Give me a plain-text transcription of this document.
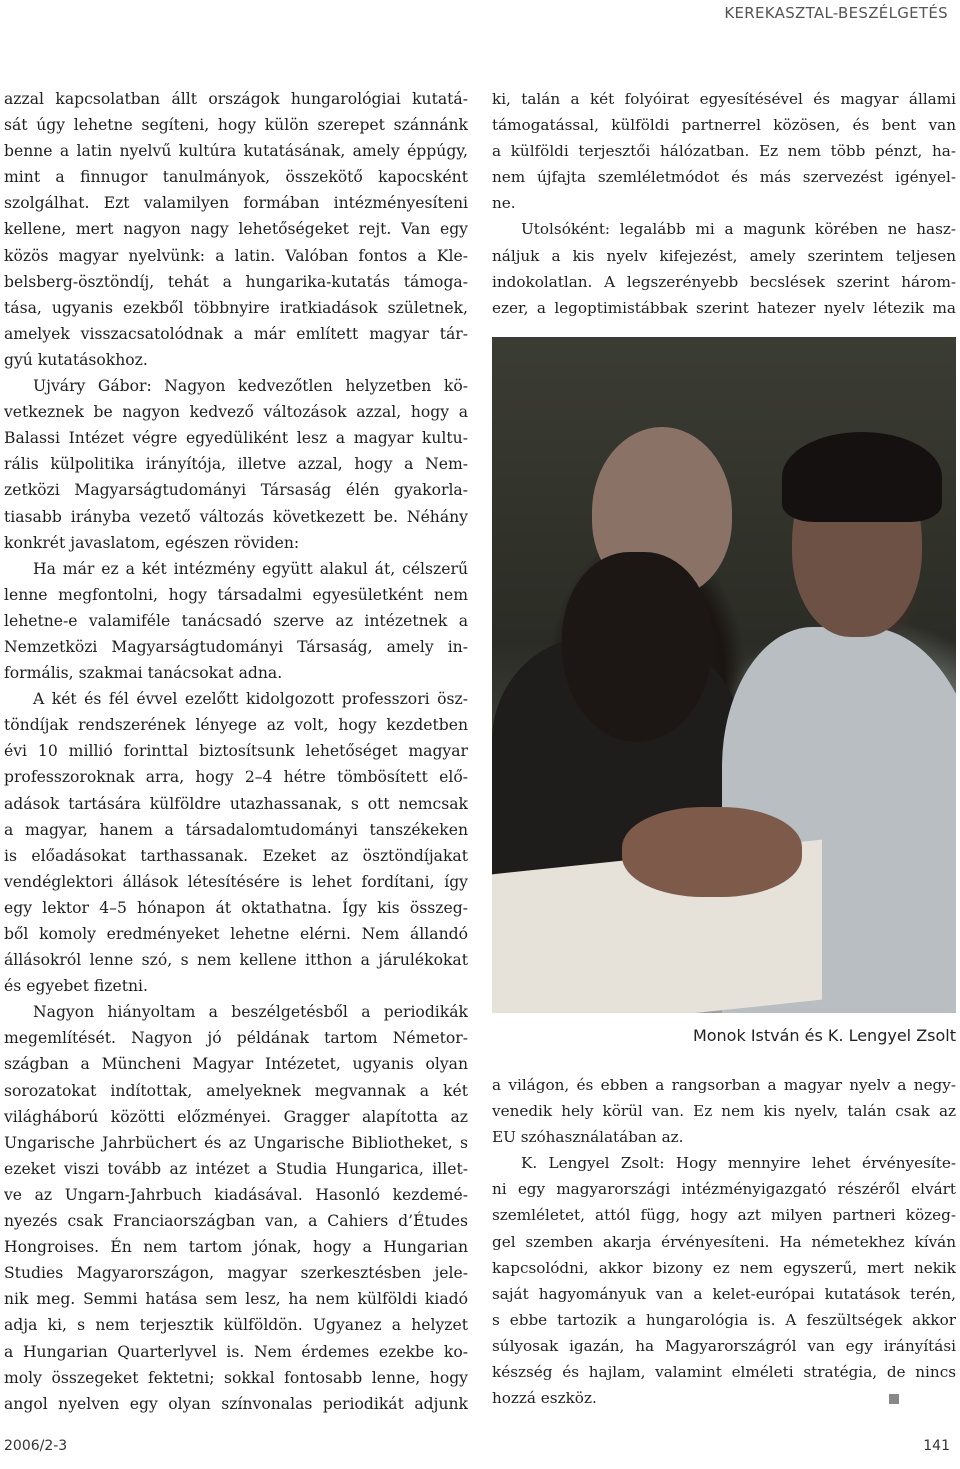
KEREKASZTAL-BESZÉLGETÉS
azzal kapcsolatban állt országok hungarológiai kutatá-
sát úgy lehetne segíteni, hogy külön szerepet szánnánk
benne a latin nyelvű kultúra kutatásának, amely éppúgy,
mint a finnugor tanulmányok, összekötő kapocsként
szolgálhat. Ezt valamilyen formában intézményesíteni
kellene, mert nagyon nagy lehetőségeket rejt. Van egy
közös magyar nyelvünk: a latin. Valóban fontos a Kle-
belsberg-ösztöndíj, tehát a hungarika-kutatás támoga-
tása, ugyanis ezekből többnyire iratkiadások születnek,
amelyek visszacsatolódnak a már említett magyar tár-
gyú kutatásokhoz.
Ujváry Gábor: Nagyon kedvezőtlen helyzetben kö-
vetkeznek be nagyon kedvező változások azzal, hogy a
Balassi Intézet végre egyedüliként lesz a magyar kultu-
rális külpolitika irányítója, illetve azzal, hogy a Nem-
zetközi Magyarságtudományi Társaság élén gyakorla-
tiasabb irányba vezető változás következett be. Néhány
konkrét javaslatom, egészen röviden:
Ha már ez a két intézmény együtt alakul át, célszerű
lenne megfontolni, hogy társadalmi egyesületként nem
lehetne-e valamiféle tanácsadó szerve az intézetnek a
Nemzetközi Magyarságtudományi Társaság, amely in-
formális, szakmai tanácsokat adna.
A két és fél évvel ezelőtt kidolgozott professzori ösz-
töndíjak rendszerének lényege az volt, hogy kezdetben
évi 10 millió forinttal biztosítsunk lehetőséget magyar
professzoroknak arra, hogy 2–4 hétre tömbösített elő-
adások tartására külföldre utazhassanak, s ott nemcsak
a magyar, hanem a társadalomtudományi tanszékeken
is előadásokat tarthassanak. Ezeket az ösztöndíjakat
vendéglektori állások létesítésére is lehet fordítani, így
egy lektor 4–5 hónapon át oktathatna. Így kis összeg-
ből komoly eredményeket lehetne elérni. Nem állandó
állásokról lenne szó, s nem kellene itthon a járulékokat
és egyebet fizetni.
Nagyon hiányoltam a beszélgetésből a periodikák
megemlítését. Nagyon jó példának tartom Németor-
szágban a Müncheni Magyar Intézetet, ugyanis olyan
sorozatokat indítottak, amelyeknek megvannak a két
világháború közötti előzményei. Gragger alapította az
Ungarische Jahrbüchert és az Ungarische Bibliotheket, s
ezeket viszi tovább az intézet a Studia Hungarica, illet-
ve az Ungarn-Jahrbuch kiadásával. Hasonló kezdemé-
nyezés csak Franciaországban van, a Cahiers d’Études
Hongroises. Én nem tartom jónak, hogy a Hungarian
Studies Magyarországon, magyar szerkesztésben jele-
nik meg. Semmi hatása sem lesz, ha nem külföldi kiadó
adja ki, s nem terjesztik külföldön. Ugyanez a helyzet
a Hungarian Quarterlyvel is. Nem érdemes ezekbe ko-
moly összegeket fektetni; sokkal fontosabb lenne, hogy
angol nyelven egy olyan színvonalas periodikát adjunk
ki, talán a két folyóirat egyesítésével és magyar állami
támogatással, külföldi partnerrel közösen, és bent van
a külföldi terjesztői hálózatban. Ez nem több pénzt, ha-
nem újfajta szemléletmódot és más szervezést igényel-
ne.
Utolsóként: legalább mi a magunk körében ne hasz-
náljuk a kis nyelv kifejezést, amely szerintem teljesen
indokolatlan. A legszerényebb becslések szerint három-
ezer, a legoptimistábbak szerint hatezer nyelv létezik ma
Monok István és K. Lengyel Zsolt
a világon, és ebben a rangsorban a magyar nyelv a negy-
venedik hely körül van. Ez nem kis nyelv, talán csak az
EU szóhasználatában az.
K. Lengyel Zsolt: Hogy mennyire lehet érvényesíte-
ni egy magyarországi intézményigazgató részéről elvárt
szemléletet, attól függ, hogy azt milyen partneri közeg-
gel szemben akarja érvényesíteni. Ha németekhez kíván
kapcsolódni, akkor bizony ez nem egyszerű, mert nekik
saját hagyományuk van a kelet-európai kutatások terén,
s ebbe tartozik a hungarológia is. A feszültségek akkor
súlyosak igazán, ha Magyarországról van egy irányítási
készség és hajlam, valamint elméleti stratégia, de nincs
hozzá eszköz.
2006/2-3	141
